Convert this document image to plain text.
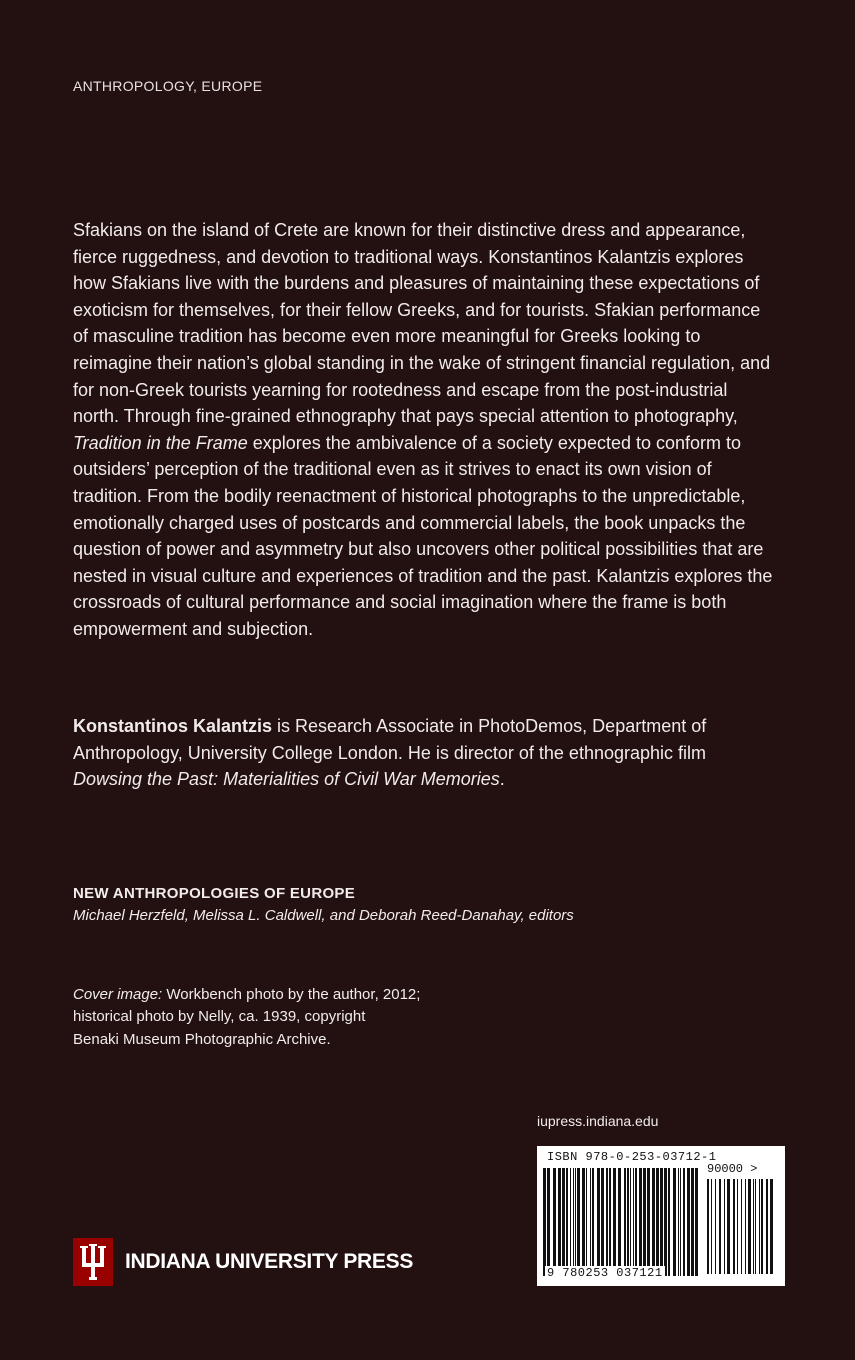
ANTHROPOLOGY, EUROPE

Sfakians on the island of Crete are known for their distinctive dress and appearance, fierce ruggedness, and devotion to traditional ways. Konstantinos Kalantzis explores how Sfakians live with the burdens and pleasures of maintaining these expectations of exoticism for themselves, for their fellow Greeks, and for tourists. Sfakian performance of masculine tradition has become even more meaningful for Greeks looking to reimagine their nation’s global standing in the wake of stringent financial regulation, and for non-Greek tourists yearning for rootedness and escape from the post-industrial north. Through fine-grained ethnography that pays special attention to photography, Tradition in the Frame explores the ambivalence of a society expected to conform to outsiders’ perception of the traditional even as it strives to enact its own vision of tradition. From the bodily reenactment of historical photographs to the unpredictable, emotionally charged uses of postcards and commercial labels, the book unpacks the question of power and asymmetry but also uncovers other political possibilities that are nested in visual culture and experiences of tradition and the past. Kalantzis explores the crossroads of cultural performance and social imagination where the frame is both empowerment and subjection.

Konstantinos Kalantzis is Research Associate in PhotoDemos, Department of Anthropology, University College London. He is director of the ethnographic film Dowsing the Past: Materialities of Civil War Memories.

NEW ANTHROPOLOGIES OF EUROPE
Michael Herzfeld, Melissa L. Caldwell, and Deborah Reed-Danahay, editors

Cover image: Workbench photo by the author, 2012;
historical photo by Nelly, ca. 1939, copyright
Benaki Museum Photographic Archive.

iupress.indiana.edu
ISBN 978-0-253-03712-1
90000 >
9 780253 037121
INDIANA UNIVERSITY PRESS
